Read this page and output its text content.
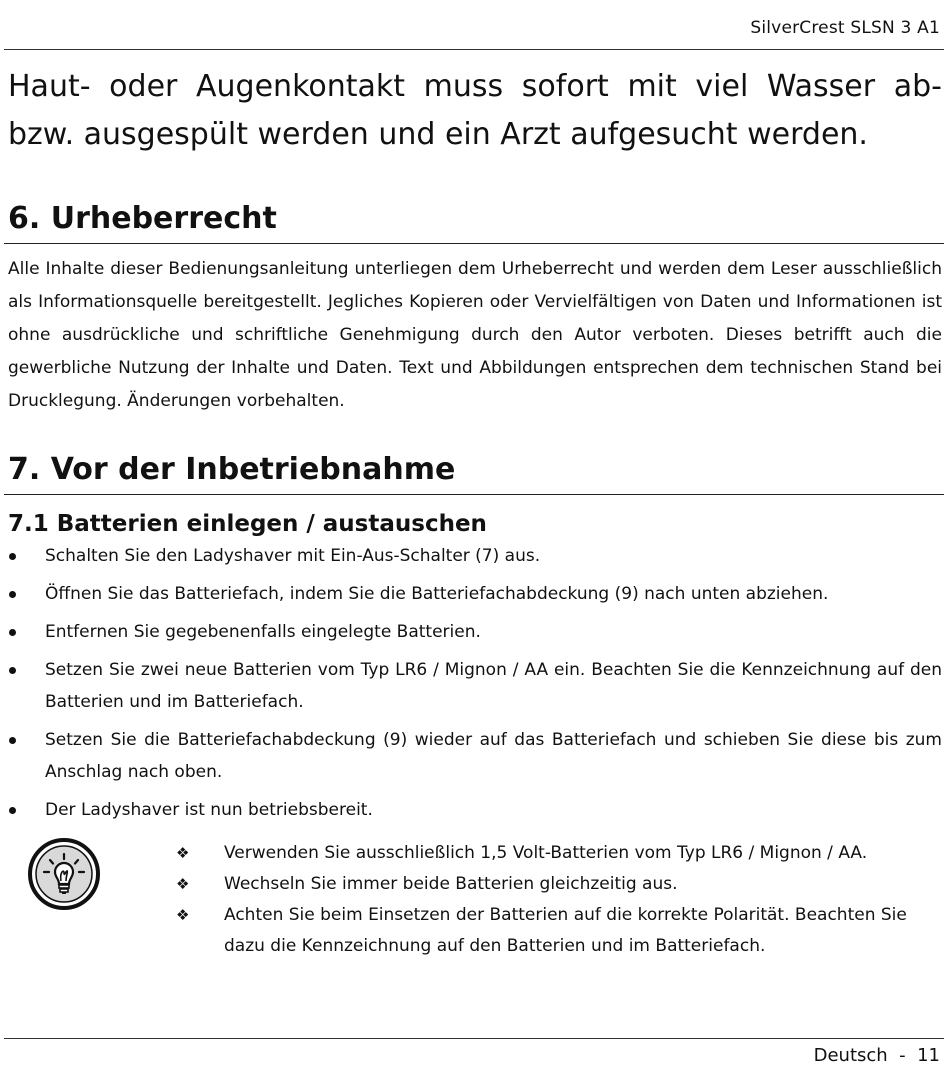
SilverCrest SLSN 3 A1

Haut- oder Augenkontakt muss sofort mit viel Wasser ab- bzw. ausgespült werden und ein Arzt aufgesucht werden.

6. Urheberrecht

Alle Inhalte dieser Bedienungsanleitung unterliegen dem Urheberrecht und werden dem Leser ausschließlich als Informationsquelle bereitgestellt. Jegliches Kopieren oder Vervielfältigen von Daten und Informationen ist ohne ausdrückliche und schriftliche Genehmigung durch den Autor verboten. Dieses betrifft auch die gewerbliche Nutzung der Inhalte und Daten. Text und Abbildungen entsprechen dem technischen Stand bei Drucklegung. Änderungen vorbehalten.

7. Vor der Inbetriebnahme
7.1 Batterien einlegen / austauschen
Schalten Sie den Ladyshaver mit Ein-Aus-Schalter (7) aus.
Öffnen Sie das Batteriefach, indem Sie die Batteriefachabdeckung (9) nach unten abziehen.
Entfernen Sie gegebenenfalls eingelegte Batterien.
Setzen Sie zwei neue Batterien vom Typ LR6 / Mignon / AA ein. Beachten Sie die Kennzeichnung auf den Batterien und im Batteriefach.
Setzen Sie die Batteriefachabdeckung (9) wieder auf das Batteriefach und schieben Sie diese bis zum Anschlag nach oben.
Der Ladyshaver ist nun betriebsbereit.
❖ Verwenden Sie ausschließlich 1,5 Volt-Batterien vom Typ LR6 / Mignon / AA.
❖ Wechseln Sie immer beide Batterien gleichzeitig aus.
❖ Achten Sie beim Einsetzen der Batterien auf die korrekte Polarität. Beachten Sie dazu die Kennzeichnung auf den Batterien und im Batteriefach.
Deutsch  -  11
